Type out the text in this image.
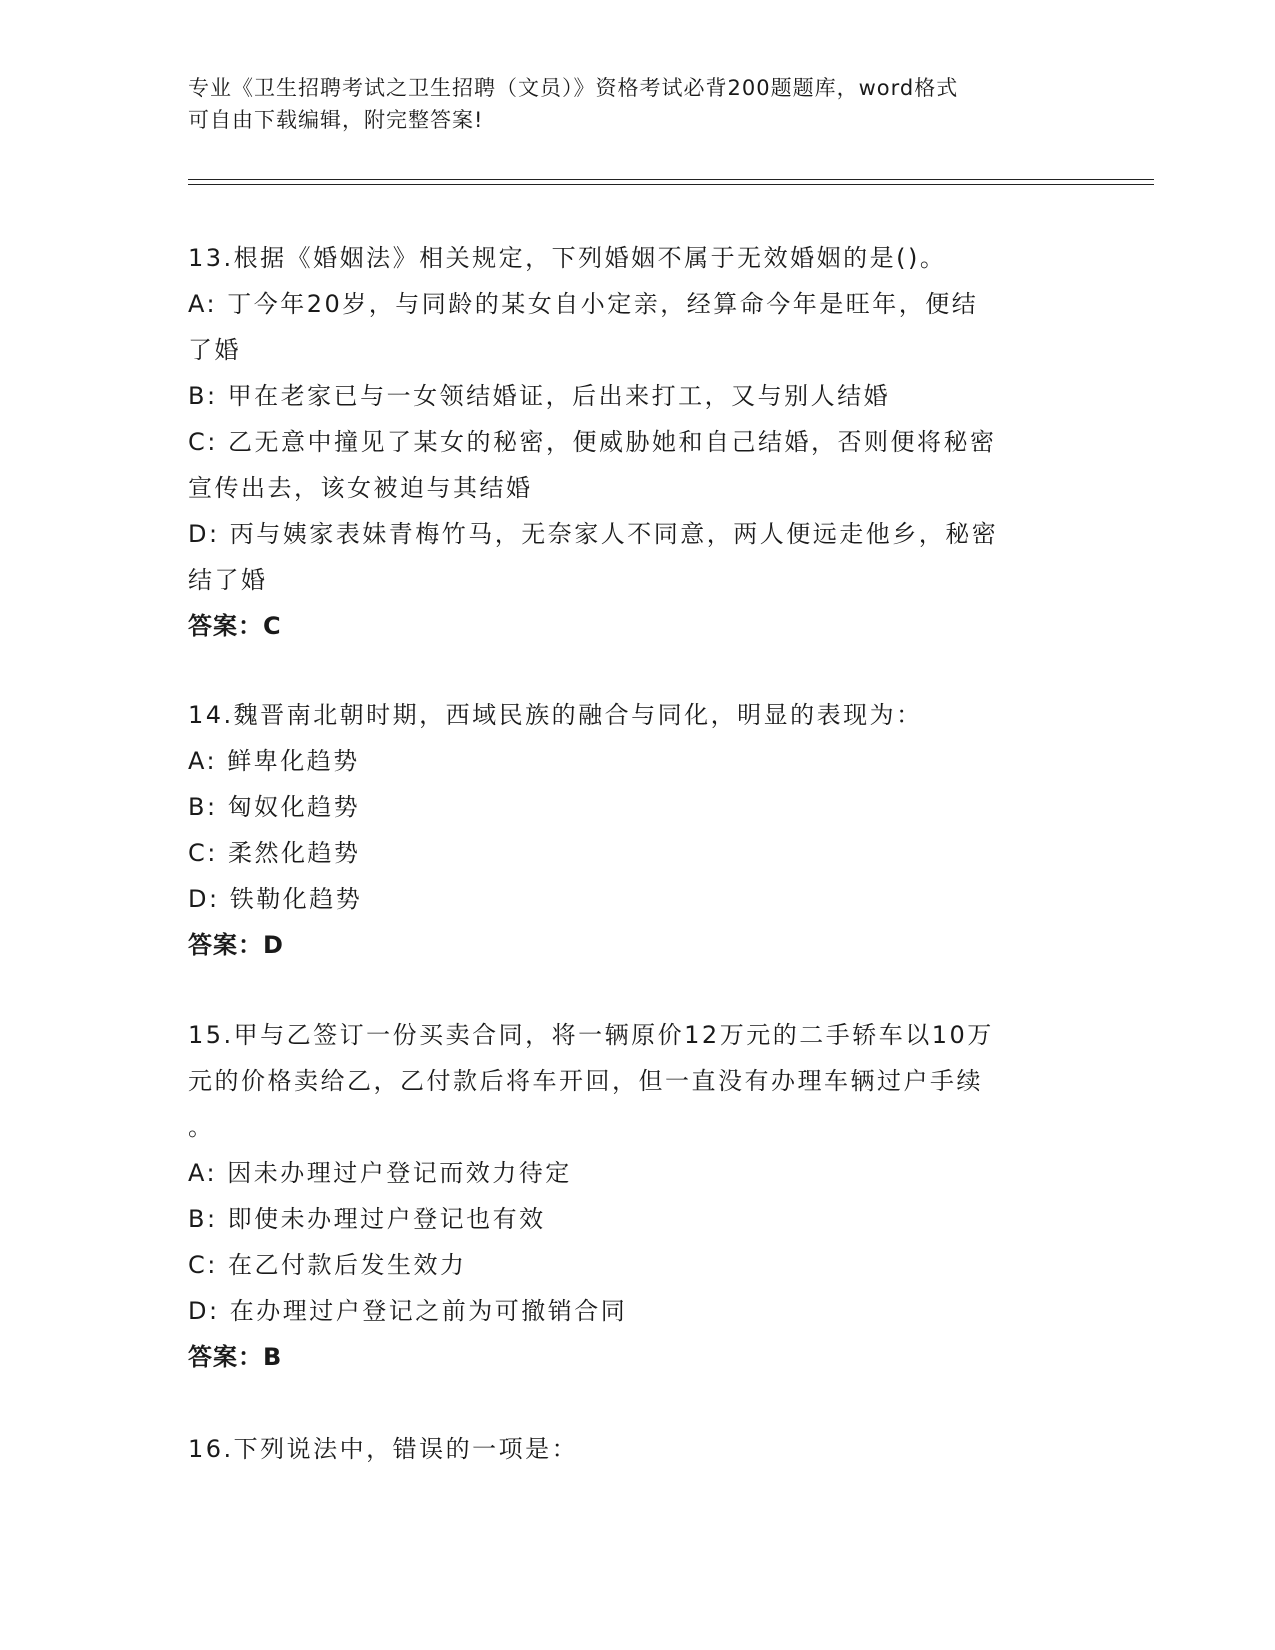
专业《卫生招聘考试之卫生招聘（文员）》资格考试必背200题题库，word格式
可自由下载编辑，附完整答案!
13.根据《婚姻法》相关规定，下列婚姻不属于无效婚姻的是()。
A: 丁今年20岁，与同龄的某女自小定亲，经算命今年是旺年，便结
了婚
B: 甲在老家已与一女领结婚证，后出来打工，又与别人结婚
C: 乙无意中撞见了某女的秘密，便威胁她和自己结婚，否则便将秘密
宣传出去，该女被迫与其结婚
D: 丙与姨家表妹青梅竹马，无奈家人不同意，两人便远走他乡，秘密
结了婚
答案：C
14.魏晋南北朝时期，西域民族的融合与同化，明显的表现为：
A: 鲜卑化趋势
B: 匈奴化趋势
C: 柔然化趋势
D: 铁勒化趋势
答案：D
15.甲与乙签订一份买卖合同，将一辆原价12万元的二手轿车以10万
元的价格卖给乙，乙付款后将车开回，但一直没有办理车辆过户手续
。
A: 因未办理过户登记而效力待定
B: 即使未办理过户登记也有效
C: 在乙付款后发生效力
D: 在办理过户登记之前为可撤销合同
答案：B
16.下列说法中，错误的一项是：
